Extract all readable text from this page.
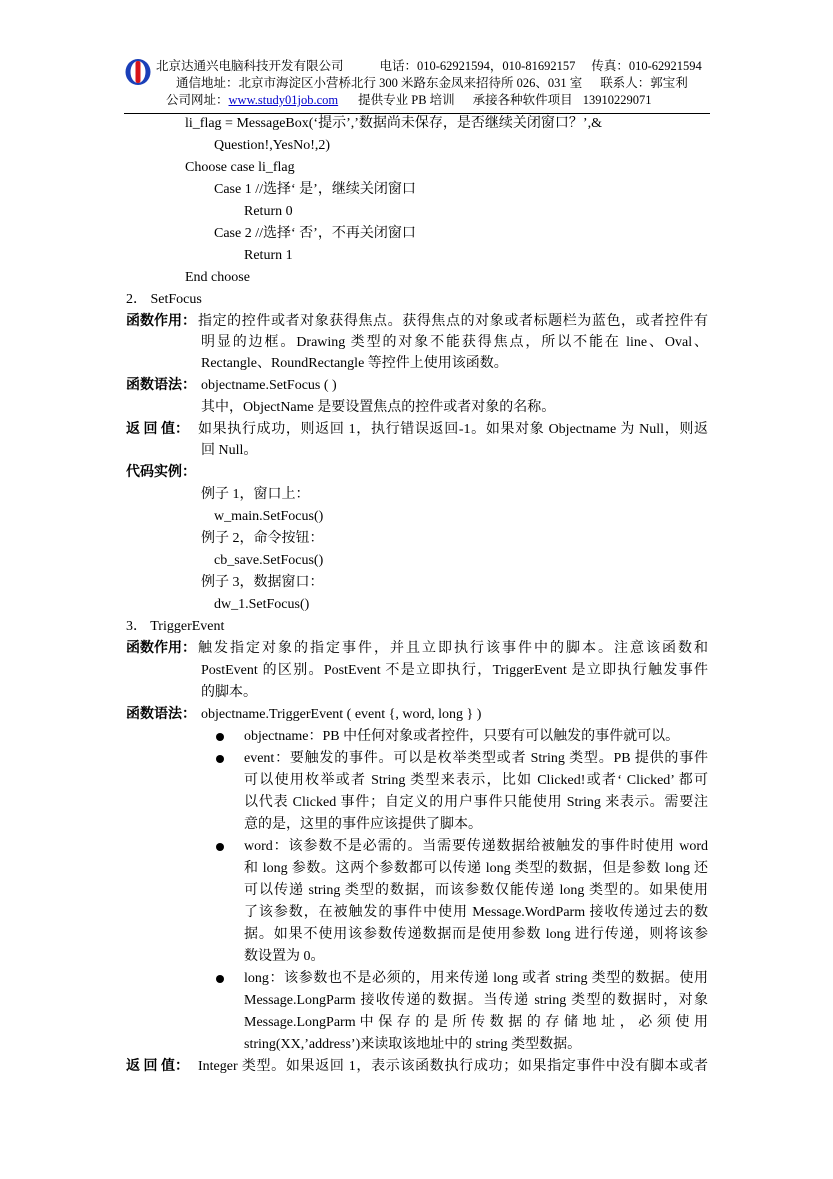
北京达通兴电脑科技开发有限公司	电话：010-62921594，010-81692157 传真：010-62921594
通信地址：北京市海淀区小营桥北行 300 米路东金凤来招待所 026、031 室 联系人：郭宝利
公司网址：www.study01job.com 提供专业 PB 培训 承接各种软件项目 13910229071
li_flag = MessageBox(‘提示’,’数据尚未保存，是否继续关闭窗口？’,&
Question!,YesNo!,2)
Choose case li_flag
Case 1 //选择‘ 是’，继续关闭窗口
Return 0
Case 2 //选择‘ 否’，不再关闭窗口
Return 1
End choose
2． SetFocus
函数作用： 指定的控件或者对象获得焦点。获得焦点的对象或者标题栏为蓝色，或者控件有
明显的边框。Drawing 类型的对象不能获得焦点，所以不能在 line、Oval、
Rectangle、RoundRectangle 等控件上使用该函数。
函数语法： objectname.SetFocus ( )
其中，ObjectName 是要设置焦点的控件或者对象的名称。
返 回 值： 如果执行成功，则返回 1，执行错误返回-1。如果对象 Objectname 为 Null，则返
回 Null。
代码实例：
例子 1，窗口上：
w_main.SetFocus()
例子 2，命令按钮：
cb_save.SetFocus()
例子 3，数据窗口：
dw_1.SetFocus()
3． TriggerEvent
函数作用： 触发指定对象的指定事件，并且立即执行该事件中的脚本。注意该函数和
PostEvent 的区别。PostEvent 不是立即执行，TriggerEvent 是立即执行触发事件
的脚本。
函数语法： objectname.TriggerEvent ( event {, word, long } )
objectname：PB 中任何对象或者控件，只要有可以触发的事件就可以。
event：要触发的事件。可以是枚举类型或者 String 类型。PB 提供的事件
可以使用枚举或者 String 类型来表示，比如 Clicked!或者‘ Clicked’ 都可
以代表 Clicked 事件；自定义的用户事件只能使用 String 来表示。需要注
意的是，这里的事件应该提供了脚本。
word：该参数不是必需的。当需要传递数据给被触发的事件时使用 word
和 long 参数。这两个参数都可以传递 long 类型的数据，但是参数 long 还
可以传递 string 类型的数据，而该参数仅能传递 long 类型的。如果使用
了该参数，在被触发的事件中使用 Message.WordParm 接收传递过去的数
据。如果不使用该参数传递数据而是使用参数 long 进行传递，则将该参
数设置为 0。
long：该参数也不是必须的，用来传递 long 或者 string 类型的数据。使用
Message.LongParm 接收传递的数据。当传递 string 类型的数据时，对象
Message.LongParm 中 保 存 的 是 所 传 数 据 的 存 储 地 址 ， 必 须 使 用
string(XX,’address’)来读取该地址中的 string 类型数据。
返 回 值： Integer 类型。如果返回 1，表示该函数执行成功；如果指定事件中没有脚本或者
